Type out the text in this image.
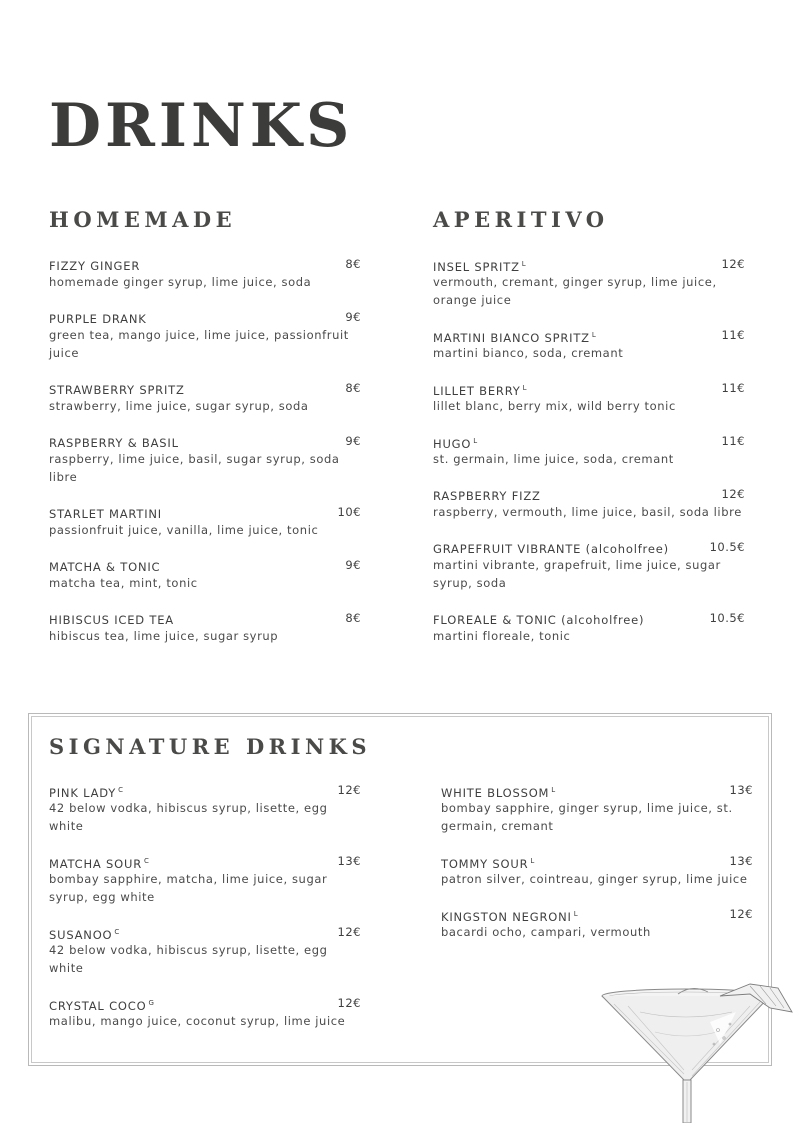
DRINKS
HOMEMADE
FIZZY GINGER	8€
homemade ginger syrup, lime juice, soda
PURPLE DRANK	9€
green tea, mango juice, lime juice, passionfruit juice
STRAWBERRY SPRITZ	8€
strawberry, lime juice, sugar syrup, soda
RASPBERRY & BASIL	9€
raspberry, lime juice, basil, sugar syrup, soda libre
STARLET MARTINI	10€
passionfruit juice, vanilla, lime juice, tonic
MATCHA & TONIC	9€
matcha tea, mint, tonic
HIBISCUS ICED TEA	8€
hibiscus tea, lime juice, sugar syrup
APERITIVO
INSEL SPRITZ $^L$	12€
vermouth, cremant, ginger syrup, lime juice, orange juice
MARTINI BIANCO SPRITZ $^L$	11€
martini bianco, soda, cremant
LILLET BERRY $^L$	11€
lillet blanc, berry mix, wild berry tonic
HUGO $^L$	11€
st. germain, lime juice, soda, cremant
RASPBERRY FIZZ	12€
raspberry, vermouth, lime juice, basil, soda libre
GRAPEFRUIT VIBRANTE (alcoholfree)	10.5€
martini vibrante, grapefruit, lime juice, sugar syrup, soda
FLOREALE & TONIC (alcoholfree)	10.5€
martini floreale, tonic
SIGNATURE DRINKS
PINK LADY $^C$	12€
42 below vodka, hibiscus syrup, lisette, egg white
MATCHA SOUR $^C$	13€
bombay sapphire, matcha, lime juice, sugar syrup, egg white
SUSANOO $^C$	12€
42 below vodka, hibiscus syrup, lisette, egg white
CRYSTAL COCO $^G$	12€
malibu, mango juice, coconut syrup, lime juice
WHITE BLOSSOM $^L$	13€
bombay sapphire, ginger syrup, lime juice, st. germain, cremant
TOMMY SOUR $^L$	13€
patron silver, cointreau, ginger syrup, lime juice
KINGSTON NEGRONI $^L$	12€
bacardi ocho, campari, vermouth
